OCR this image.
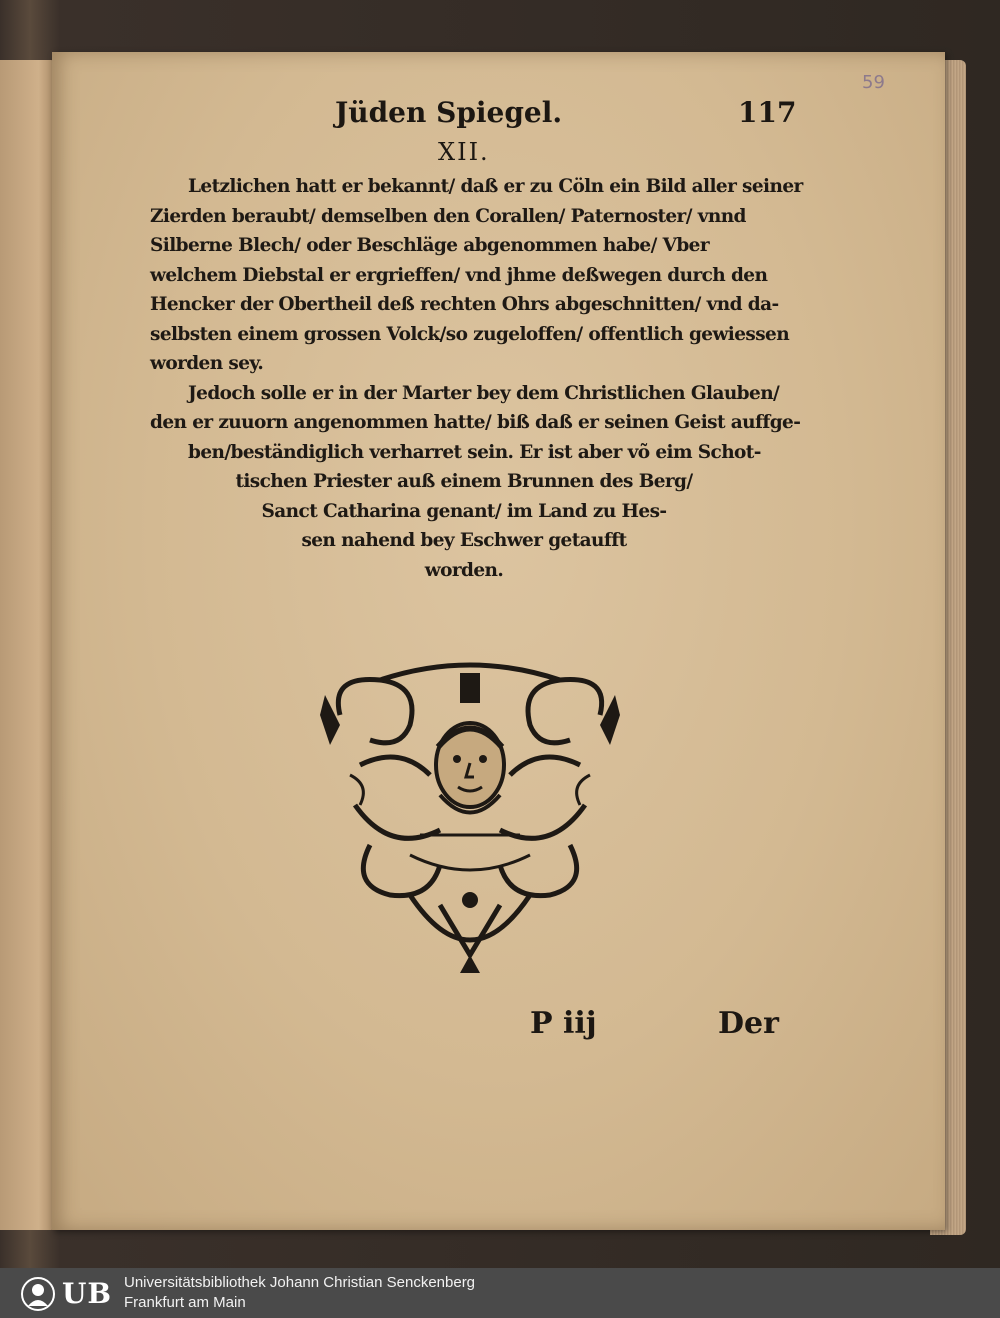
59
Jüden Spiegel.	117
XII.
Letzlichen hatt er bekannt/ daß er zu Cöln ein Bild aller seiner
Zierden beraubt/ demselben den Corallen/ Paternoster/ vnnd
Silberne Blech/ oder Beschläge abgenommen habe/ Vber
welchem Diebstal er ergrieffen/ vnd jhme deßwegen durch den
Hencker der Obertheil deß rechten Ohrs abgeschnitten/ vnd da-
selbsten einem grossen Volck/so zugeloffen/ offentlich gewiessen
worden sey.
Jedoch solle er in der Marter bey dem Christlichen Glauben/
den er zuuorn angenommen hatte/ biß daß er seinen Geist auffge-
ben/beständiglich verharret sein. Er ist aber võ eim Schot-
tischen Priester auß einem Brunnen des Berg/
Sanct Catharina genant/ im Land zu Hes-
sen nahend bey Eschwer getaufft
worden.
P iij	Der
UB Universitätsbibliothek Johann Christian Senckenberg
Frankfurt am Main
